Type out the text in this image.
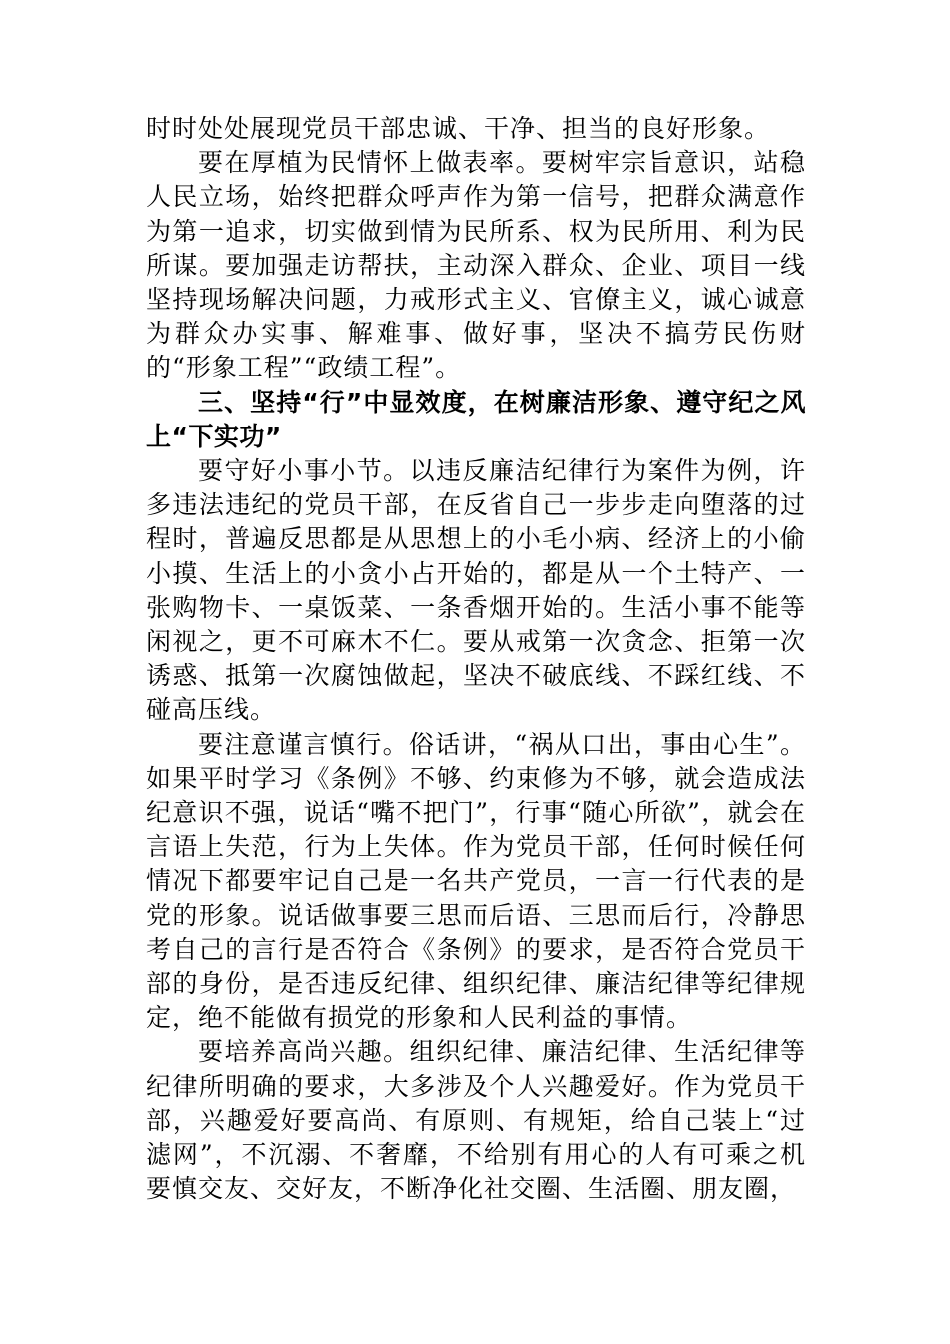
时时处处展现党员干部忠诚、干净、担当的良好形象。

要在厚植为民情怀上做表率。要树牢宗旨意识，站稳人民立场，始终把群众呼声作为第一信号，把群众满意作为第一追求，切实做到情为民所系、权为民所用、利为民所谋。要加强走访帮扶，主动深入群众、企业、项目一线坚持现场解决问题，力戒形式主义、官僚主义，诚心诚意为群众办实事、解难事、做好事，坚决不搞劳民伤财的“形象工程”“政绩工程”。

三、坚持“行”中显效度，在树廉洁形象、遵守纪之风上“下实功”

要守好小事小节。以违反廉洁纪律行为案件为例，许多违法违纪的党员干部，在反省自己一步步走向堕落的过程时，普遍反思都是从思想上的小毛小病、经济上的小偷小摸、生活上的小贪小占开始的，都是从一个土特产、一张购物卡、一桌饭菜、一条香烟开始的。生活小事不能等闲视之，更不可麻木不仁。要从戒第一次贪念、拒第一次诱惑、抵第一次腐蚀做起，坚决不破底线、不踩红线、不碰高压线。

要注意谨言慎行。俗话讲，“祸从口出，事由心生”。如果平时学习《条例》不够、约束修为不够，就会造成法纪意识不强，说话“嘴不把门”，行事“随心所欲”，就会在言语上失范，行为上失体。作为党员干部，任何时候任何情况下都要牢记自己是一名共产党员，一言一行代表的是党的形象。说话做事要三思而后语、三思而后行，冷静思考自己的言行是否符合《条例》的要求，是否符合党员干部的身份，是否违反纪律、组织纪律、廉洁纪律等纪律规定，绝不能做有损党的形象和人民利益的事情。

要培养高尚兴趣。组织纪律、廉洁纪律、生活纪律等纪律所明确的要求，大多涉及个人兴趣爱好。作为党员干部，兴趣爱好要高尚、有原则、有规矩，给自己装上“过滤网”，不沉溺、不奢靡，不给别有用心的人有可乘之机要慎交友、交好友，不断净化社交圈、生活圈、朋友圈，
